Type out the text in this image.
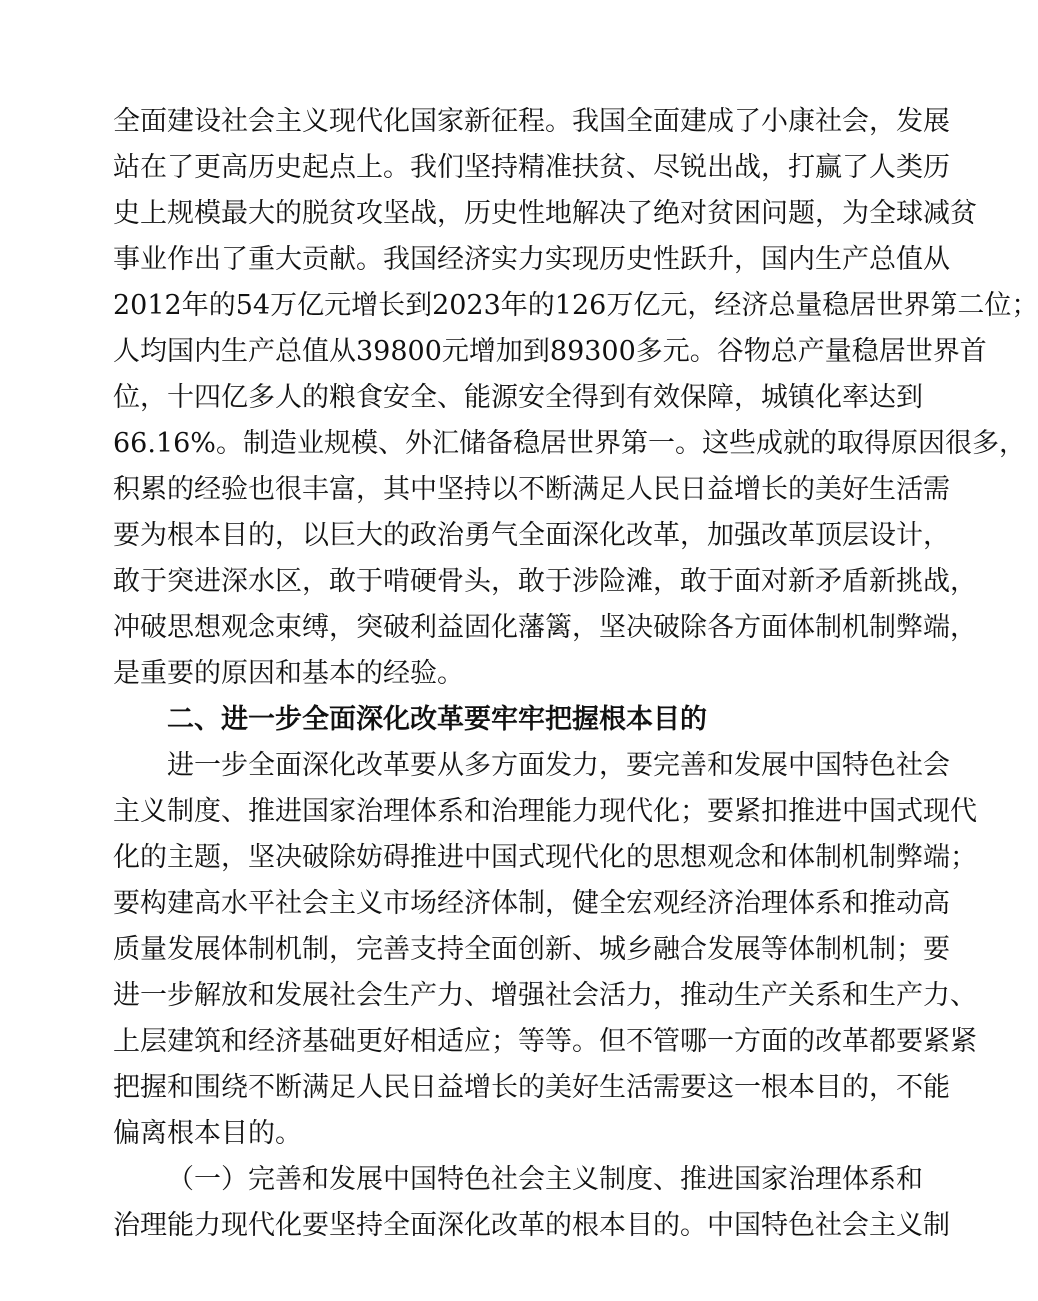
全面建设社会主义现代化国家新征程。我国全面建成了小康社会，发展
站在了更高历史起点上。我们坚持精准扶贫、尽锐出战，打赢了人类历
史上规模最大的脱贫攻坚战，历史性地解决了绝对贫困问题，为全球减贫
事业作出了重大贡献。我国经济实力实现历史性跃升，国内生产总值从
2012年的54万亿元增长到2023年的126万亿元，经济总量稳居世界第二位；
人均国内生产总值从39800元增加到89300多元。谷物总产量稳居世界首
位，十四亿多人的粮食安全、能源安全得到有效保障，城镇化率达到
66.16%。制造业规模、外汇储备稳居世界第一。这些成就的取得原因很多，
积累的经验也很丰富，其中坚持以不断满足人民日益增长的美好生活需
要为根本目的，以巨大的政治勇气全面深化改革，加强改革顶层设计，
敢于突进深水区，敢于啃硬骨头，敢于涉险滩，敢于面对新矛盾新挑战，
冲破思想观念束缚，突破利益固化藩篱，坚决破除各方面体制机制弊端，
是重要的原因和基本的经验。
二、进一步全面深化改革要牢牢把握根本目的
进一步全面深化改革要从多方面发力，要完善和发展中国特色社会
主义制度、推进国家治理体系和治理能力现代化；要紧扣推进中国式现代
化的主题，坚决破除妨碍推进中国式现代化的思想观念和体制机制弊端；
要构建高水平社会主义市场经济体制，健全宏观经济治理体系和推动高
质量发展体制机制，完善支持全面创新、城乡融合发展等体制机制；要
进一步解放和发展社会生产力、增强社会活力，推动生产关系和生产力、
上层建筑和经济基础更好相适应；等等。但不管哪一方面的改革都要紧紧
把握和围绕不断满足人民日益增长的美好生活需要这一根本目的，不能
偏离根本目的。
（一）完善和发展中国特色社会主义制度、推进国家治理体系和
治理能力现代化要坚持全面深化改革的根本目的。中国特色社会主义制
